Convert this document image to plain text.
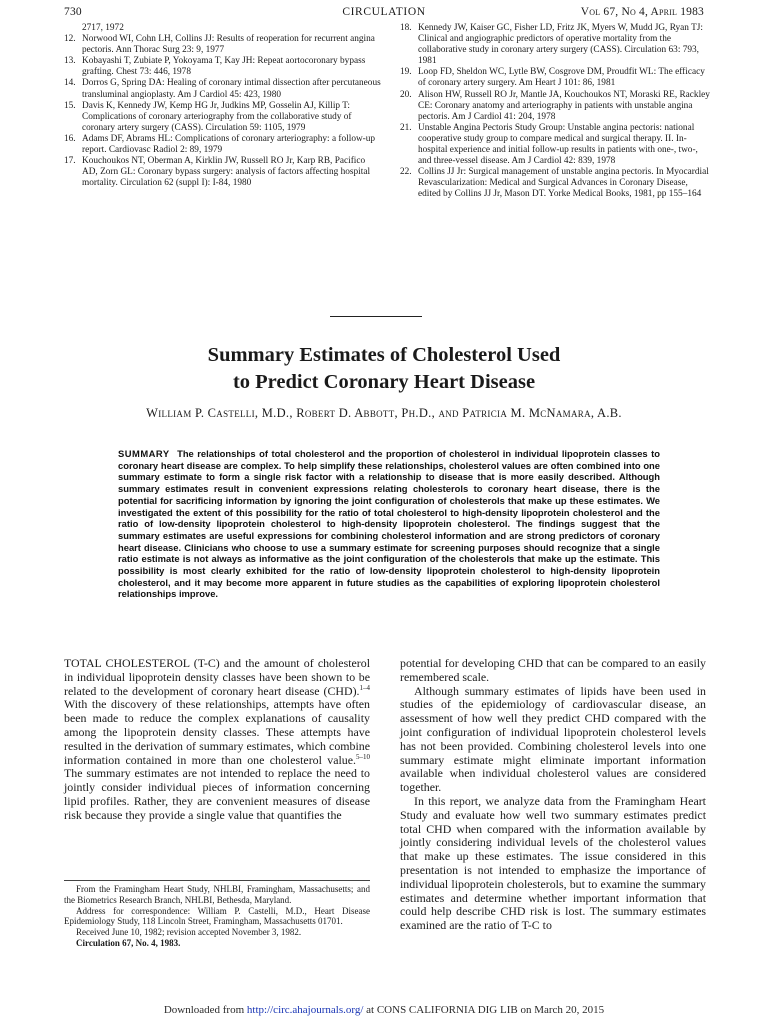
730	CIRCULATION	Vol 67, No 4, April 1983
2717, 1972
12. Norwood WI, Cohn LH, Collins JJ: Results of reoperation for recurrent angina pectoris. Ann Thorac Surg 23: 9, 1977
13. Kobayashi T, Zubiate P, Yokoyama T, Kay JH: Repeat aortocoronary bypass grafting. Chest 73: 446, 1978
14. Dorros G, Spring DA: Healing of coronary intimal dissection after percutaneous transluminal angioplasty. Am J Cardiol 45: 423, 1980
15. Davis K, Kennedy JW, Kemp HG Jr, Judkins MP, Gosselin AJ, Killip T: Complications of coronary arteriography from the collaborative study of coronary artery surgery (CASS). Circulation 59: 1105, 1979
16. Adams DF, Abrams HL: Complications of coronary arteriography: a follow-up report. Cardiovasc Radiol 2: 89, 1979
17. Kouchoukos NT, Oberman A, Kirklin JW, Russell RO Jr, Karp RB, Pacifico AD, Zorn GL: Coronary bypass surgery: analysis of factors affecting hospital mortality. Circulation 62 (suppl I): I-84, 1980
18. Kennedy JW, Kaiser GC, Fisher LD, Fritz JK, Myers W, Mudd JG, Ryan TJ: Clinical and angiographic predictors of operative mortality from the collaborative study in coronary artery surgery (CASS). Circulation 63: 793, 1981
19. Loop FD, Sheldon WC, Lytle BW, Cosgrove DM, Proudfit WL: The efficacy of coronary artery surgery. Am Heart J 101: 86, 1981
20. Alison HW, Russell RO Jr, Mantle JA, Kouchoukos NT, Moraski RE, Rackley CE: Coronary anatomy and arteriography in patients with unstable angina pectoris. Am J Cardiol 41: 204, 1978
21. Unstable Angina Pectoris Study Group: Unstable angina pectoris: national cooperative study group to compare medical and surgical therapy. II. In-hospital experience and initial follow-up results in patients with one-, two-, and three-vessel disease. Am J Cardiol 42: 839, 1978
22. Collins JJ Jr: Surgical management of unstable angina pectoris. In Myocardial Revascularization: Medical and Surgical Advances in Coronary Disease, edited by Collins JJ Jr, Mason DT. Yorke Medical Books, 1981, pp 155–164
Summary Estimates of Cholesterol Used
to Predict Coronary Heart Disease
William P. Castelli, M.D., Robert D. Abbott, Ph.D., and Patricia M. McNamara, A.B.
SUMMARY The relationships of total cholesterol and the proportion of cholesterol in individual lipoprotein classes to coronary heart disease are complex. To help simplify these relationships, cholesterol values are often combined into one summary estimate to form a single risk factor with a relationship to disease that is more easily described. Although summary estimates result in convenient expressions relating cholesterols to coronary heart disease, there is the potential for sacrificing information by ignoring the joint configuration of cholesterols that make up these estimates. We investigated the extent of this possibility for the ratio of total cholesterol to high-density lipoprotein cholesterol and the ratio of low-density lipoprotein cholesterol to high-density lipoprotein cholesterol. The findings suggest that the summary estimates are useful expressions for combining cholesterol information and are strong predictors of coronary heart disease. Clinicians who choose to use a summary estimate for screening purposes should recognize that a single ratio estimate is not always as informative as the joint configuration of the cholesterols that make up the estimate. This possibility is most clearly exhibited for the ratio of low-density lipoprotein cholesterol to high-density lipoprotein cholesterol, and it may become more apparent in future studies as the capabilities of exploring lipoprotein cholesterol relationships improve.

TOTAL CHOLESTEROL (T-C) and the amount of cholesterol in individual lipoprotein density classes have been shown to be related to the development of coronary heart disease (CHD).$^{1-4}$ With the discovery of these relationships, attempts have often been made to reduce the complex explanations of causality among the lipoprotein density classes. These attempts have resulted in the derivation of summary estimates, which combine information contained in more than one cholesterol value.$^{5-10}$ The summary estimates are not intended to replace the need to jointly consider individual pieces of information concerning lipid profiles. Rather, they are convenient measures of disease risk because they provide a single value that quantifies the

potential for developing CHD that can be compared to an easily remembered scale.

Although summary estimates of lipids have been used in studies of the epidemiology of cardiovascular disease, an assessment of how well they predict CHD compared with the joint configuration of individual lipoprotein cholesterol levels has not been provided. Combining cholesterol levels into one summary estimate might eliminate important information available when individual cholesterol values are considered together.

In this report, we analyze data from the Framingham Heart Study and evaluate how well two summary estimates predict total CHD when compared with the information available by jointly considering individual levels of the cholesterol values that make up these estimates. The issue considered in this presentation is not intended to emphasize the importance of individual lipoprotein cholesterols, but to examine the summary estimates and determine whether important information that could help describe CHD risk is lost. The summary estimates examined are the ratio of T-C to

From the Framingham Heart Study, NHLBI, Framingham, Massachusetts; and the Biometrics Research Branch, NHLBI, Bethesda, Maryland.

Address for correspondence: William P. Castelli, M.D., Heart Disease Epidemiology Study, 118 Lincoln Street, Framingham, Massachusetts 01701.

Received June 10, 1982; revision accepted November 3, 1982.

Circulation 67, No. 4, 1983.

Downloaded from http://circ.ahajournals.org/ at CONS CALIFORNIA DIG LIB on March 20, 2015
